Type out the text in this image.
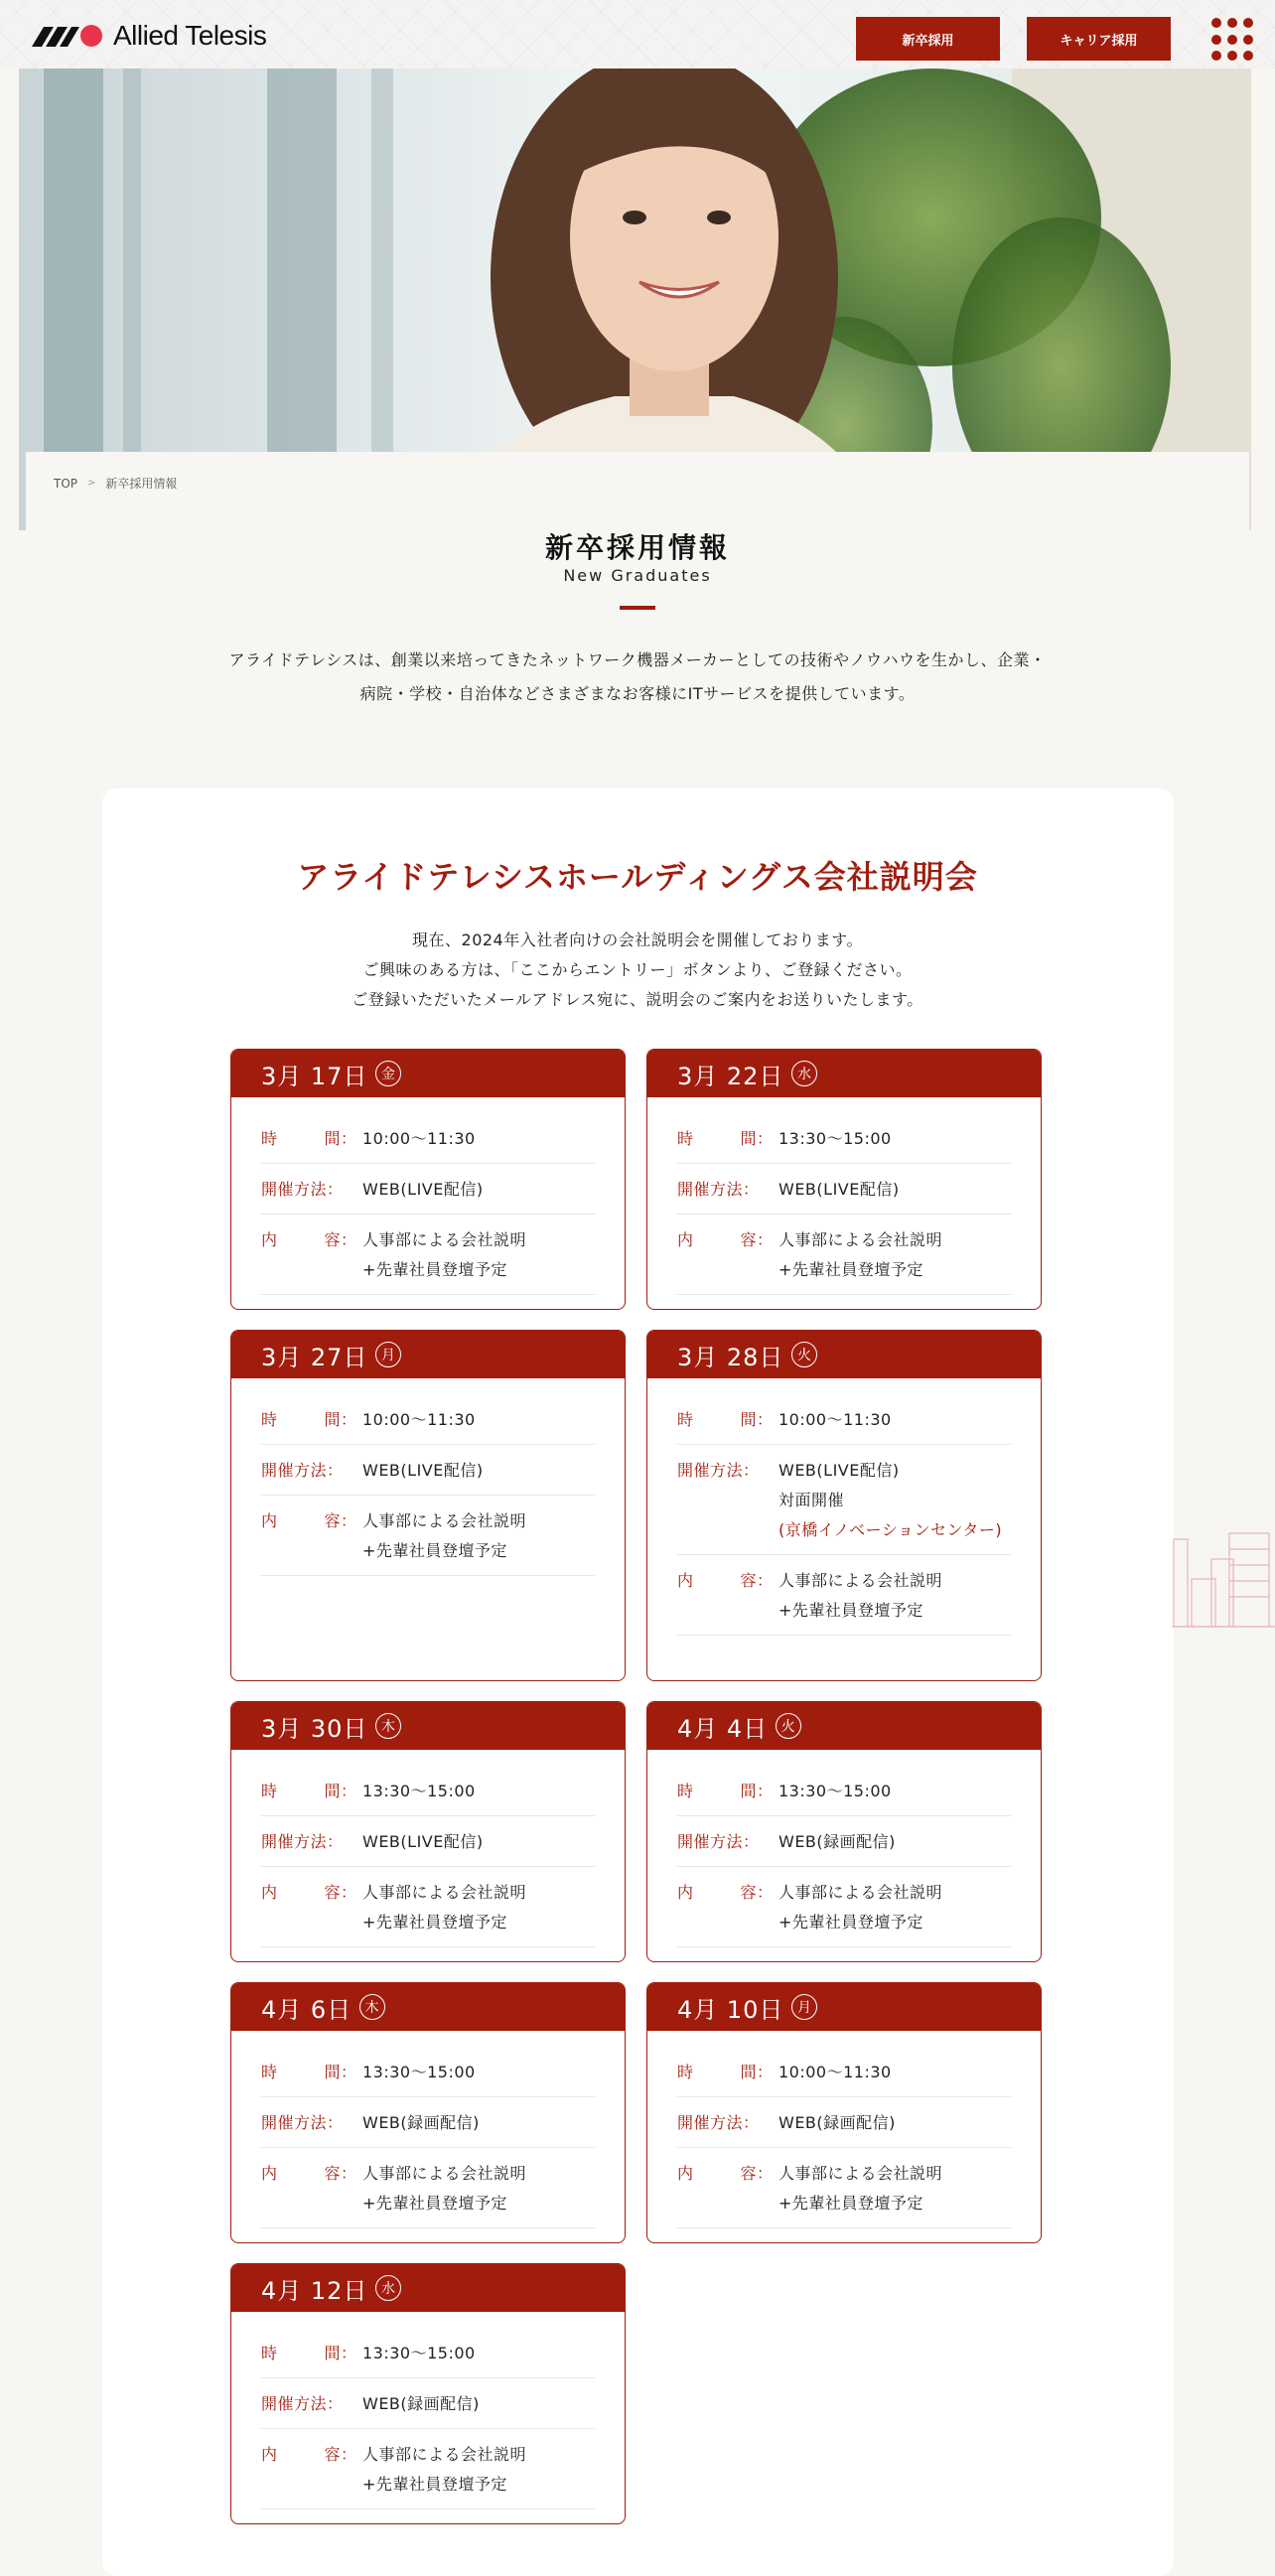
Allied Telesis	新卒採用	キャリア採用
TOP > 新卒採用情報
新卒採用情報
New Graduates
アライドテレシスは、創業以来培ってきたネットワーク機器メーカーとしての技術やノウハウを生かし、企業・病院・学校・自治体などさまざまなお客様にITサービスを提供しています。
アライドテレシスホールディングス会社説明会
現在、2024年入社者向けの会社説明会を開催しております。
ご興味のある方は、「ここからエントリー」ボタンより、ご登録ください。
ご登録いただいたメールアドレス宛に、説明会のご案内をお送りいたします。
3月 17日 金
時	間 ： 10:00〜11:30
開催方法：	WEB(LIVE配信)
内	容 ： 人事部による会社説明
+先輩社員登壇予定
3月 22日 水
時	間 ： 13:30〜15:00
開催方法：	WEB(LIVE配信)
内	容 ： 人事部による会社説明
+先輩社員登壇予定
3月 27日 月
時	間 ： 10:00〜11:30
開催方法：	WEB(LIVE配信)
内	容 ： 人事部による会社説明
+先輩社員登壇予定
3月 28日 火
時	間 ： 10:00〜11:30
開催方法：	WEB(LIVE配信)
対面開催
(京橋イノベーションセンター)
内	容 ： 人事部による会社説明
+先輩社員登壇予定
3月 30日 木
時	間 ： 13:30〜15:00
開催方法：	WEB(LIVE配信)
内	容 ： 人事部による会社説明
+先輩社員登壇予定
4月 4日 火
時	間 ： 13:30〜15:00
開催方法：	WEB(録画配信)
内	容 ： 人事部による会社説明
+先輩社員登壇予定
4月 6日 木
時	間 ： 13:30〜15:00
開催方法：	WEB(録画配信)
内	容 ： 人事部による会社説明
+先輩社員登壇予定
4月 10日 月
時	間 ： 10:00〜11:30
開催方法：	WEB(録画配信)
内	容 ： 人事部による会社説明
+先輩社員登壇予定
4月 12日 水
時	間 ： 13:30〜15:00
開催方法：	WEB(録画配信)
内	容 ： 人事部による会社説明
+先輩社員登壇予定
